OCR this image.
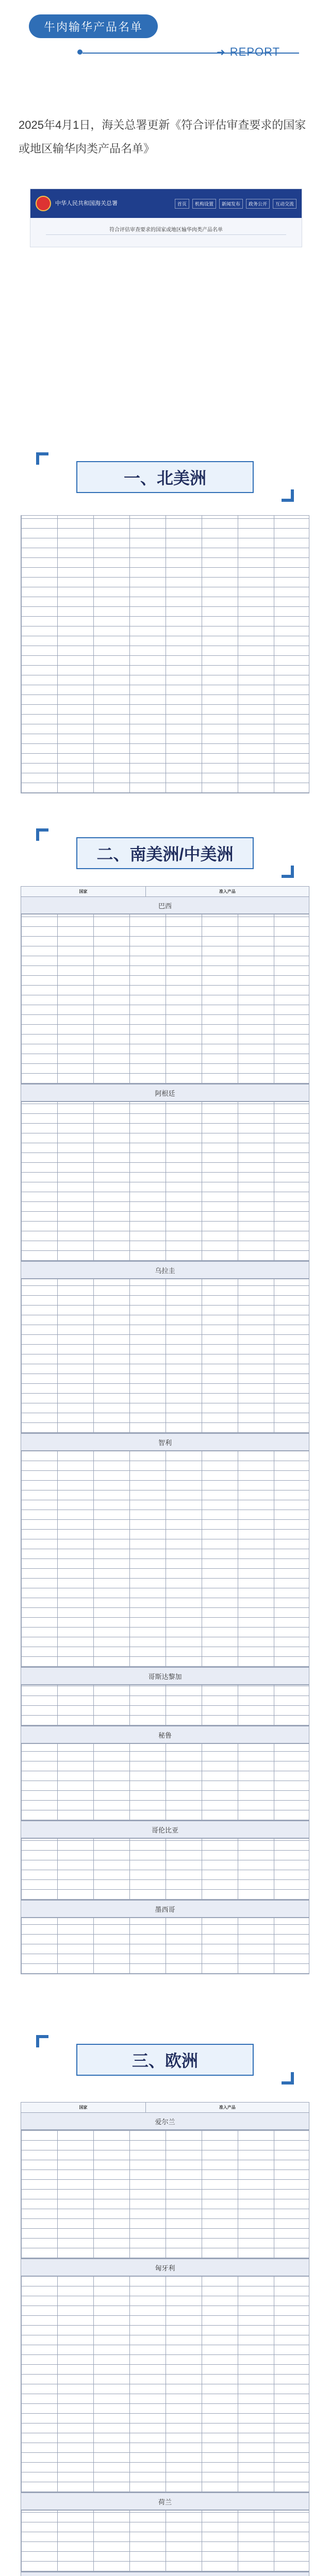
牛肉输华产品名单
➜ REPORT
2025年4月1日，海关总署更新《符合评估审查要求的国家或地区输华肉类产品名单》
中华人民共和国海关总署	首页	机构设置	新闻发布	政务公开	互动交流
符合评估审查要求的国家或地区输华肉类产品名单
一、北美洲
二、南美洲/中美洲
国家	准入产品
巴西
阿根廷
乌拉圭
智利
哥斯达黎加
秘鲁
哥伦比亚
墨西哥
三、欧洲
国家	准入产品
爱尔兰
匈牙利
荷兰
